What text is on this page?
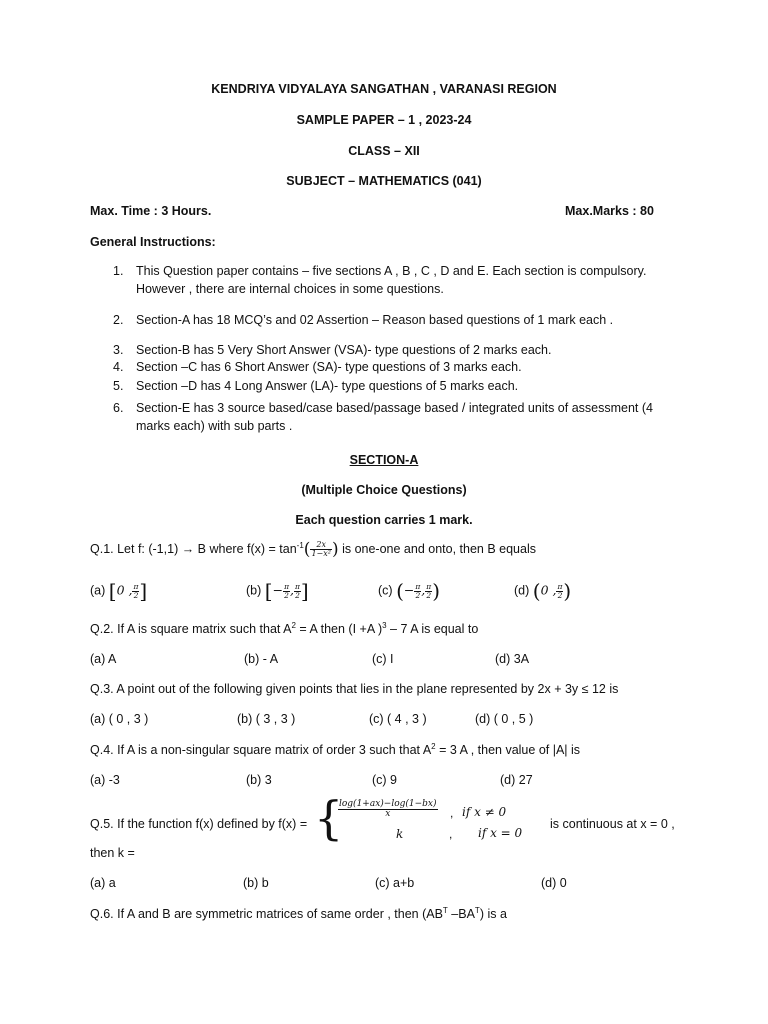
KENDRIYA VIDYALAYA SANGATHAN , VARANASI REGION
SAMPLE PAPER – 1 , 2023-24
CLASS – XII
SUBJECT – MATHEMATICS (041)
Max. Time : 3 Hours.	Max.Marks : 80
General Instructions:
1. This Question paper contains – five sections A , B , C , D and E. Each section is compulsory.
However , there are internal choices in some questions.
2. Section-A has 18 MCQ’s and 02 Assertion – Reason based questions of 1 mark each .
3. Section-B has 5 Very Short Answer (VSA)- type questions of 2 marks each.
4. Section –C has 6 Short Answer (SA)- type questions of 3 marks each.
5. Section –D has 4 Long Answer (LA)- type questions of 5 marks each.
6. Section-E has 3 source based/case based/passage based / integrated units of assessment (4
marks each) with sub parts .
SECTION-A
(Multiple Choice Questions)
Each question carries 1 mark.
Q.1. Let f: (-1,1) → B where $f(x) = \tan^{-1}( \frac{2x}{\text{1−x²}}$ ) is one-one and onto, then B equals
(a) [0 , $\frac{\pi}{2}$ ]	(b) [− $\frac{\pi}{2}$ , $\frac{\pi}{2}$ ]	(c) (− $\frac{\pi}{2}$ , $\frac{\pi}{2}$ )	(d) (0 , $\frac{\pi}{2}$ )
Q.2. If A is square matrix such that $A^2 = A$ then (I +A )$^3$ – 7 A is equal to
(a) A	(b) - A	(c) I	(d) 3A
Q.3. A point out of the following given points that lies in the plane represented by 2x + 3y ≤ 12 is
(a) ( 0 , 3 )	(b) ( 3 , 3 )	(c) ( 4 , 3 )	(d) ( 0 , 5 )
Q.4. If A is a non-singular square matrix of order 3 such that $A^2 = 3$ A , then value of |A| is
(a) -3	(b) 3	(c) 9	(d) 27
Q.5. If the function f(x) defined by f(x) = {
$\frac{\log(1+ax)-\log(1-bx)}{x}$ , if x ≠ 0
k	, if x = 0
is continuous at x = 0 ,
then k =
(a) a	(b) b	(c) a+b	(d) 0
Q.6. If A and B are symmetric matrices of same order , then ($AB^T$ $-BA^T$) is a
